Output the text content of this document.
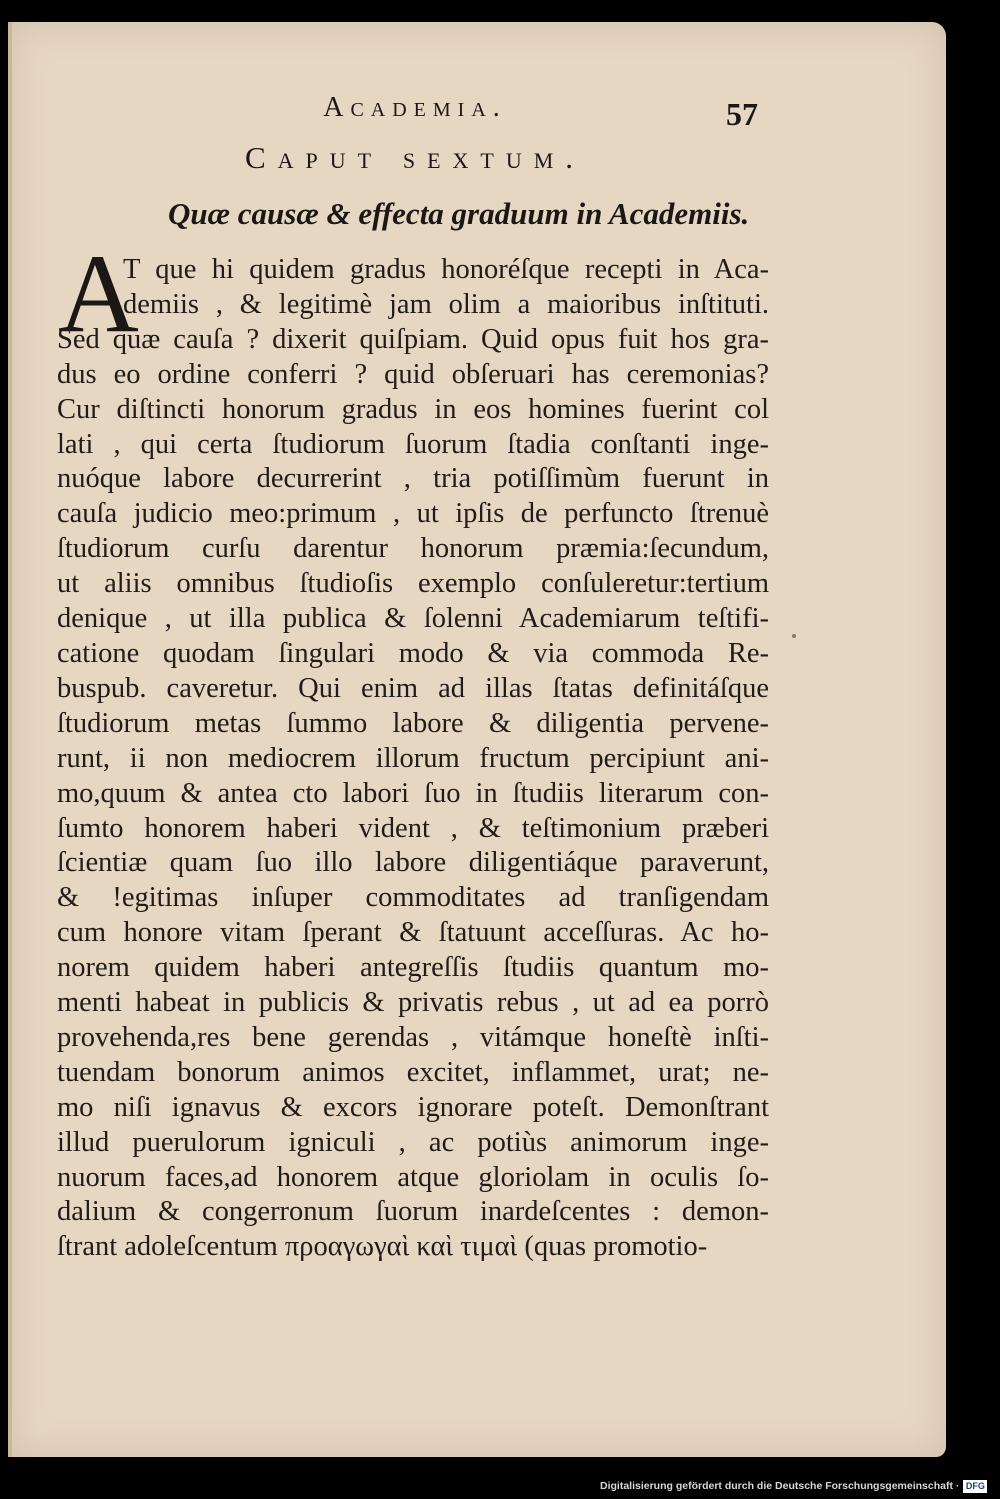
Academia.	57
Caput sextum.
Quæ causæ & effecta graduum in Academiis.
A
T que hi quidem gradus honoréſque recepti in Aca-
demiis , & legitimè jam olim a maioribus inſtituti.
Sed quæ cauſa ? dixerit quiſpiam. Quid opus fuit hos gra-
dus eo ordine conferri ? quid obſeruari has ceremonias?
Cur diſtincti honorum gradus in eos homines fuerint col
lati , qui certa ſtudiorum ſuorum ſtadia conſtanti inge-
nuóque labore decurrerint , tria potiſſimùm fuerunt in
cauſa judicio meo:primum , ut ipſis de perfuncto ſtrenuè
ſtudiorum curſu darentur honorum præmia:ſecundum,
ut aliis omnibus ſtudioſis exemplo conſuleretur:tertium
denique , ut illa publica & ſolenni Academiarum teſtifi-
catione quodam ſingulari modo & via commoda Re-
buspub. caveretur. Qui enim ad illas ſtatas definitáſque
ſtudiorum metas ſummo labore & diligentia pervene-
runt, ii non mediocrem illorum fructum percipiunt ani-
mo,quum & antea cto labori ſuo in ſtudiis literarum con-
ſumto honorem haberi vident , & teſtimonium præberi
ſcientiæ quam ſuo illo labore diligentiáque paraverunt,
& !egitimas inſuper commoditates ad tranſigendam
cum honore vitam ſperant & ſtatuunt acceſſuras. Ac ho-
norem quidem haberi antegreſſis ſtudiis quantum mo-
menti habeat in publicis & privatis rebus , ut ad ea porrò
provehenda,res bene gerendas , vitámque honeſtè inſti-
tuendam bonorum animos excitet, inflammet, urat; ne-
mo niſi ignavus & excors ignorare poteſt. Demonſtrant
illud puerulorum igniculi , ac potiùs animorum inge-
nuorum faces,ad honorem atque gloriolam in oculis ſo-
dalium & congerronum ſuorum inardeſcentes : demon-
ſtrant adoleſcentum προαγωγαὶ καὶ τιμαὶ (quas promotio-
Digitalisierung gefördert durch die Deutsche Forschungsgemeinschaft · DFG
